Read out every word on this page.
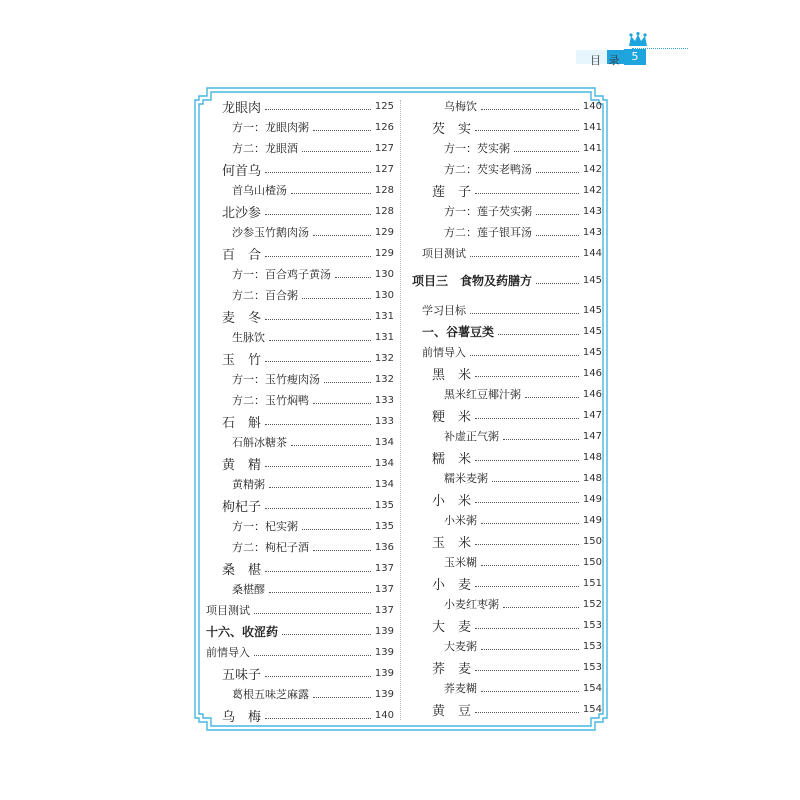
目 录 5
龙眼肉	125
方一：龙眼肉粥	126
方二：龙眼酒	127
何首乌	127
首乌山楂汤	128
北沙参	128
沙参玉竹鹅肉汤	129
百　合	129
方一：百合鸡子黄汤	130
方二：百合粥	130
麦　冬	131
生脉饮	131
玉　竹	132
方一：玉竹瘦肉汤	132
方二：玉竹焖鸭	133
石　斛	133
石斛冰糖茶	134
黄　精	134
黄精粥	134
枸杞子	135
方一：杞实粥	135
方二：枸杞子酒	136
桑　椹	137
桑椹醪	137
项目测试	137
十六、收涩药	139
前情导入	139
五味子	139
葛根五味芝麻露	139
乌　梅	140
乌梅饮	140
芡　实	141
方一：芡实粥	141
方二：芡实老鸭汤	142
莲　子	142
方一：莲子芡实粥	143
方二：莲子银耳汤	143
项目测试	144
项目三　食物及药膳方	145
学习目标	145
一、谷薯豆类	145
前情导入	145
黑　米	146
黑米红豆椰汁粥	146
粳　米	147
补虚正气粥	147
糯　米	148
糯米麦粥	148
小　米	149
小米粥	149
玉　米	150
玉米糊	150
小　麦	151
小麦红枣粥	152
大　麦	153
大麦粥	153
荞　麦	153
荞麦糊	154
黄　豆	154
